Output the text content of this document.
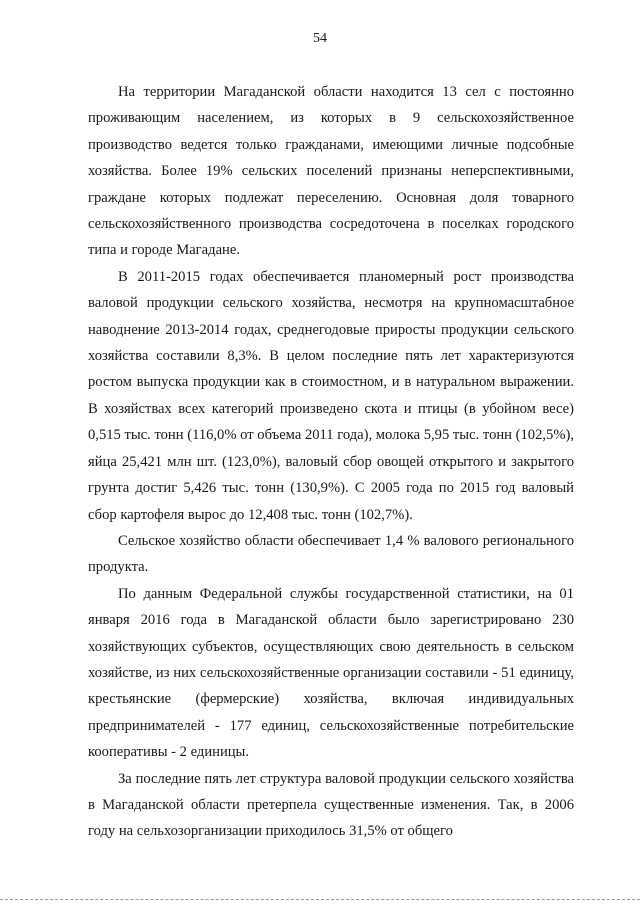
54

На территории Магаданской области находится 13 сел с постоянно проживающим населением, из которых в 9 сельскохозяйственное производство ведется только гражданами, имеющими личные подсобные хозяйства. Более 19% сельских поселений признаны неперспективными, граждане которых подлежат переселению. Основная доля товарного сельскохозяйственного производства сосредоточена в поселках городского типа и городе Магадане.

В 2011-2015 годах обеспечивается планомерный рост производства валовой продукции сельского хозяйства, несмотря на крупномасштабное наводнение 2013-2014 годах, среднегодовые приросты продукции сельского хозяйства составили 8,3%. В целом последние пять лет характеризуются ростом выпуска продукции как в стоимостном, и в натуральном выражении. В хозяйствах всех категорий произведено скота и птицы (в убойном весе) 0,515 тыс. тонн (116,0% от объема 2011 года), молока 5,95 тыс. тонн (102,5%), яйца 25,421 млн шт. (123,0%), валовый сбор овощей открытого и закрытого грунта достиг 5,426 тыс. тонн (130,9%). С 2005 года по 2015 год валовый сбор картофеля вырос до 12,408 тыс. тонн (102,7%).

Сельское хозяйство области обеспечивает 1,4 % валового регионального продукта.

По данным Федеральной службы государственной статистики, на 01 января 2016 года в Магаданской области было зарегистрировано 230 хозяйствующих субъектов, осуществляющих свою деятельность в сельском хозяйстве, из них сельскохозяйственные организации составили - 51 единицу, крестьянские (фермерские) хозяйства, включая индивидуальных предпринимателей - 177 единиц, сельскохозяйственные потребительские кооперативы - 2 единицы.

За последние пять лет структура валовой продукции сельского хозяйства в Магаданской области претерпела существенные изменения. Так, в 2006 году на сельхозорганизации приходилось 31,5% от общего
